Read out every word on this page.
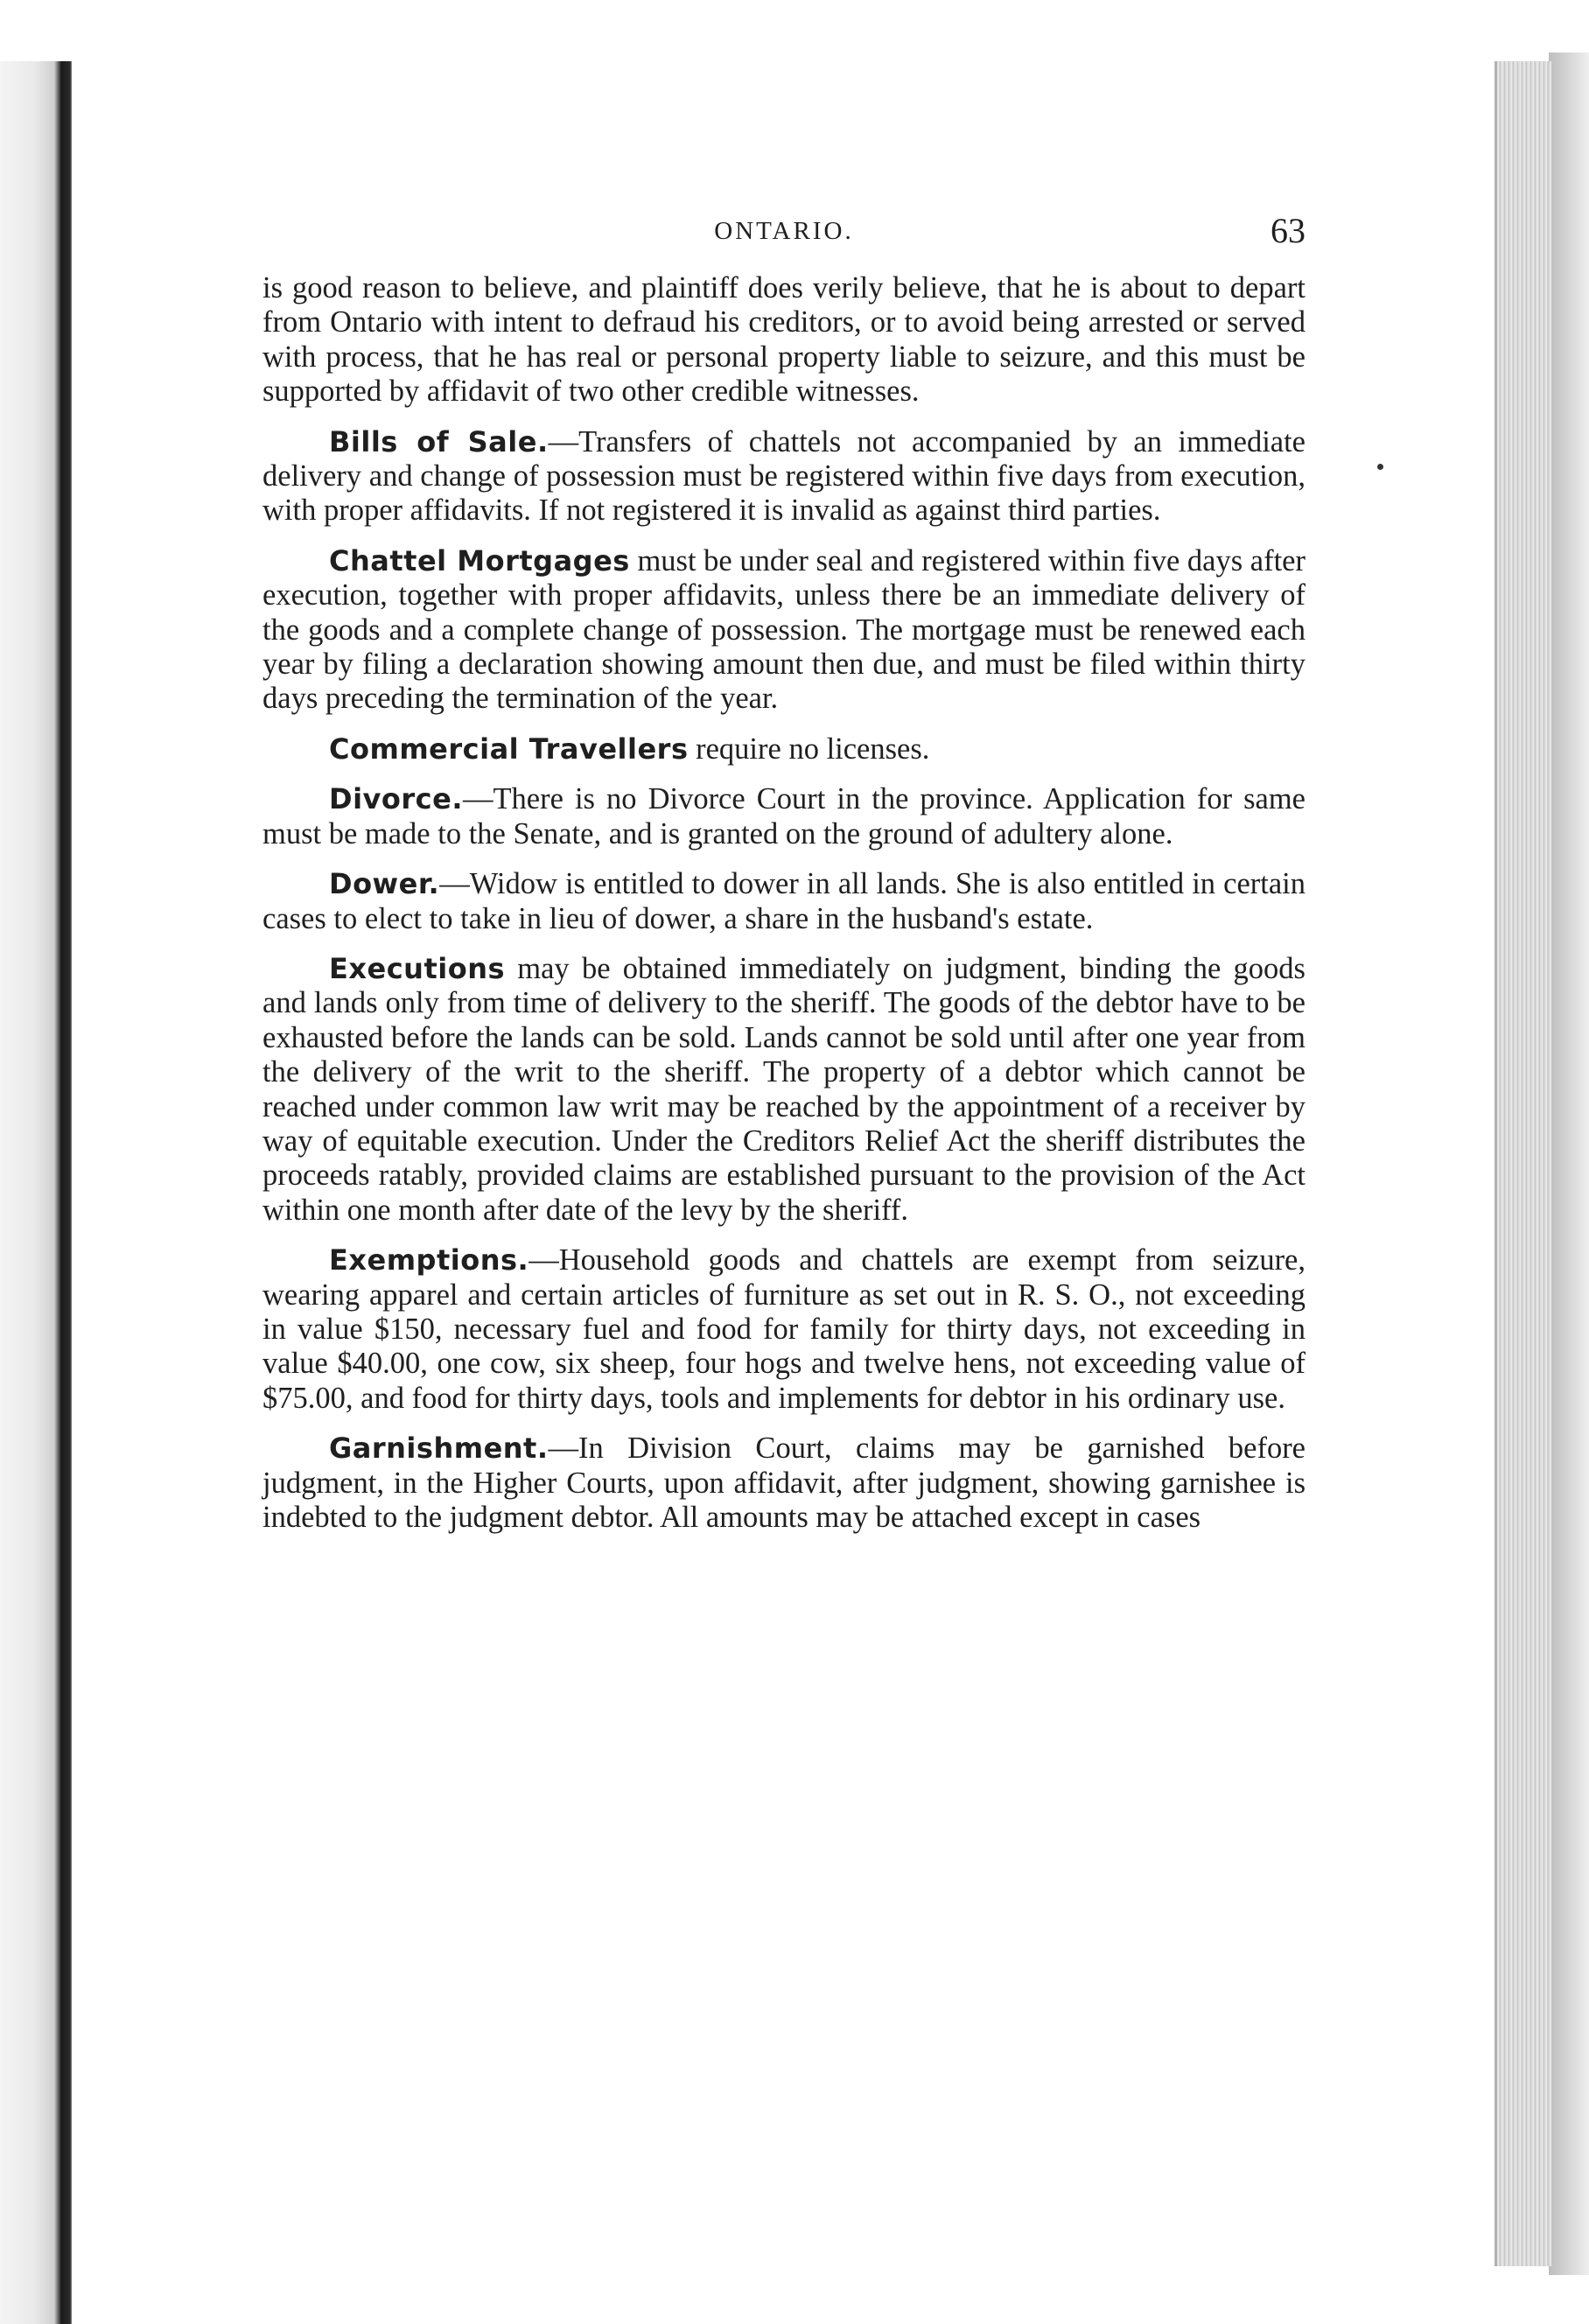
ONTARIO.	63

is good reason to believe, and plaintiff does verily believe, that he is about to depart from Ontario with intent to defraud his creditors, or to avoid being arrested or served with process, that he has real or personal property liable to seizure, and this must be supported by affidavit of two other credible witnesses.

Bills of Sale.—Transfers of chattels not accompanied by an immediate delivery and change of possession must be registered within five days from execution, with proper affidavits. If not registered it is invalid as against third parties.

Chattel Mortgages must be under seal and registered within five days after execution, together with proper affidavits, unless there be an immediate delivery of the goods and a complete change of possession. The mortgage must be renewed each year by filing a declaration showing amount then due, and must be filed within thirty days preceding the termination of the year.

Commercial Travellers require no licenses.

Divorce.—There is no Divorce Court in the province. Application for same must be made to the Senate, and is granted on the ground of adultery alone.

Dower.—Widow is entitled to dower in all lands. She is also entitled in certain cases to elect to take in lieu of dower, a share in the husband's estate.

Executions may be obtained immediately on judgment, binding the goods and lands only from time of delivery to the sheriff. The goods of the debtor have to be exhausted before the lands can be sold. Lands cannot be sold until after one year from the delivery of the writ to the sheriff. The property of a debtor which cannot be reached under common law writ may be reached by the appointment of a receiver by way of equitable execution. Under the Creditors Relief Act the sheriff distributes the proceeds ratably, provided claims are established pursuant to the provision of the Act within one month after date of the levy by the sheriff.

Exemptions.—Household goods and chattels are exempt from seizure, wearing apparel and certain articles of furniture as set out in R. S. O., not exceeding in value $150, necessary fuel and food for family for thirty days, not exceeding in value $40.00, one cow, six sheep, four hogs and twelve hens, not exceeding value of $75.00, and food for thirty days, tools and implements for debtor in his ordinary use.

Garnishment.—In Division Court, claims may be garnished before judgment, in the Higher Courts, upon affidavit, after judgment, showing garnishee is indebted to the judgment debtor. All amounts may be attached except in cases
